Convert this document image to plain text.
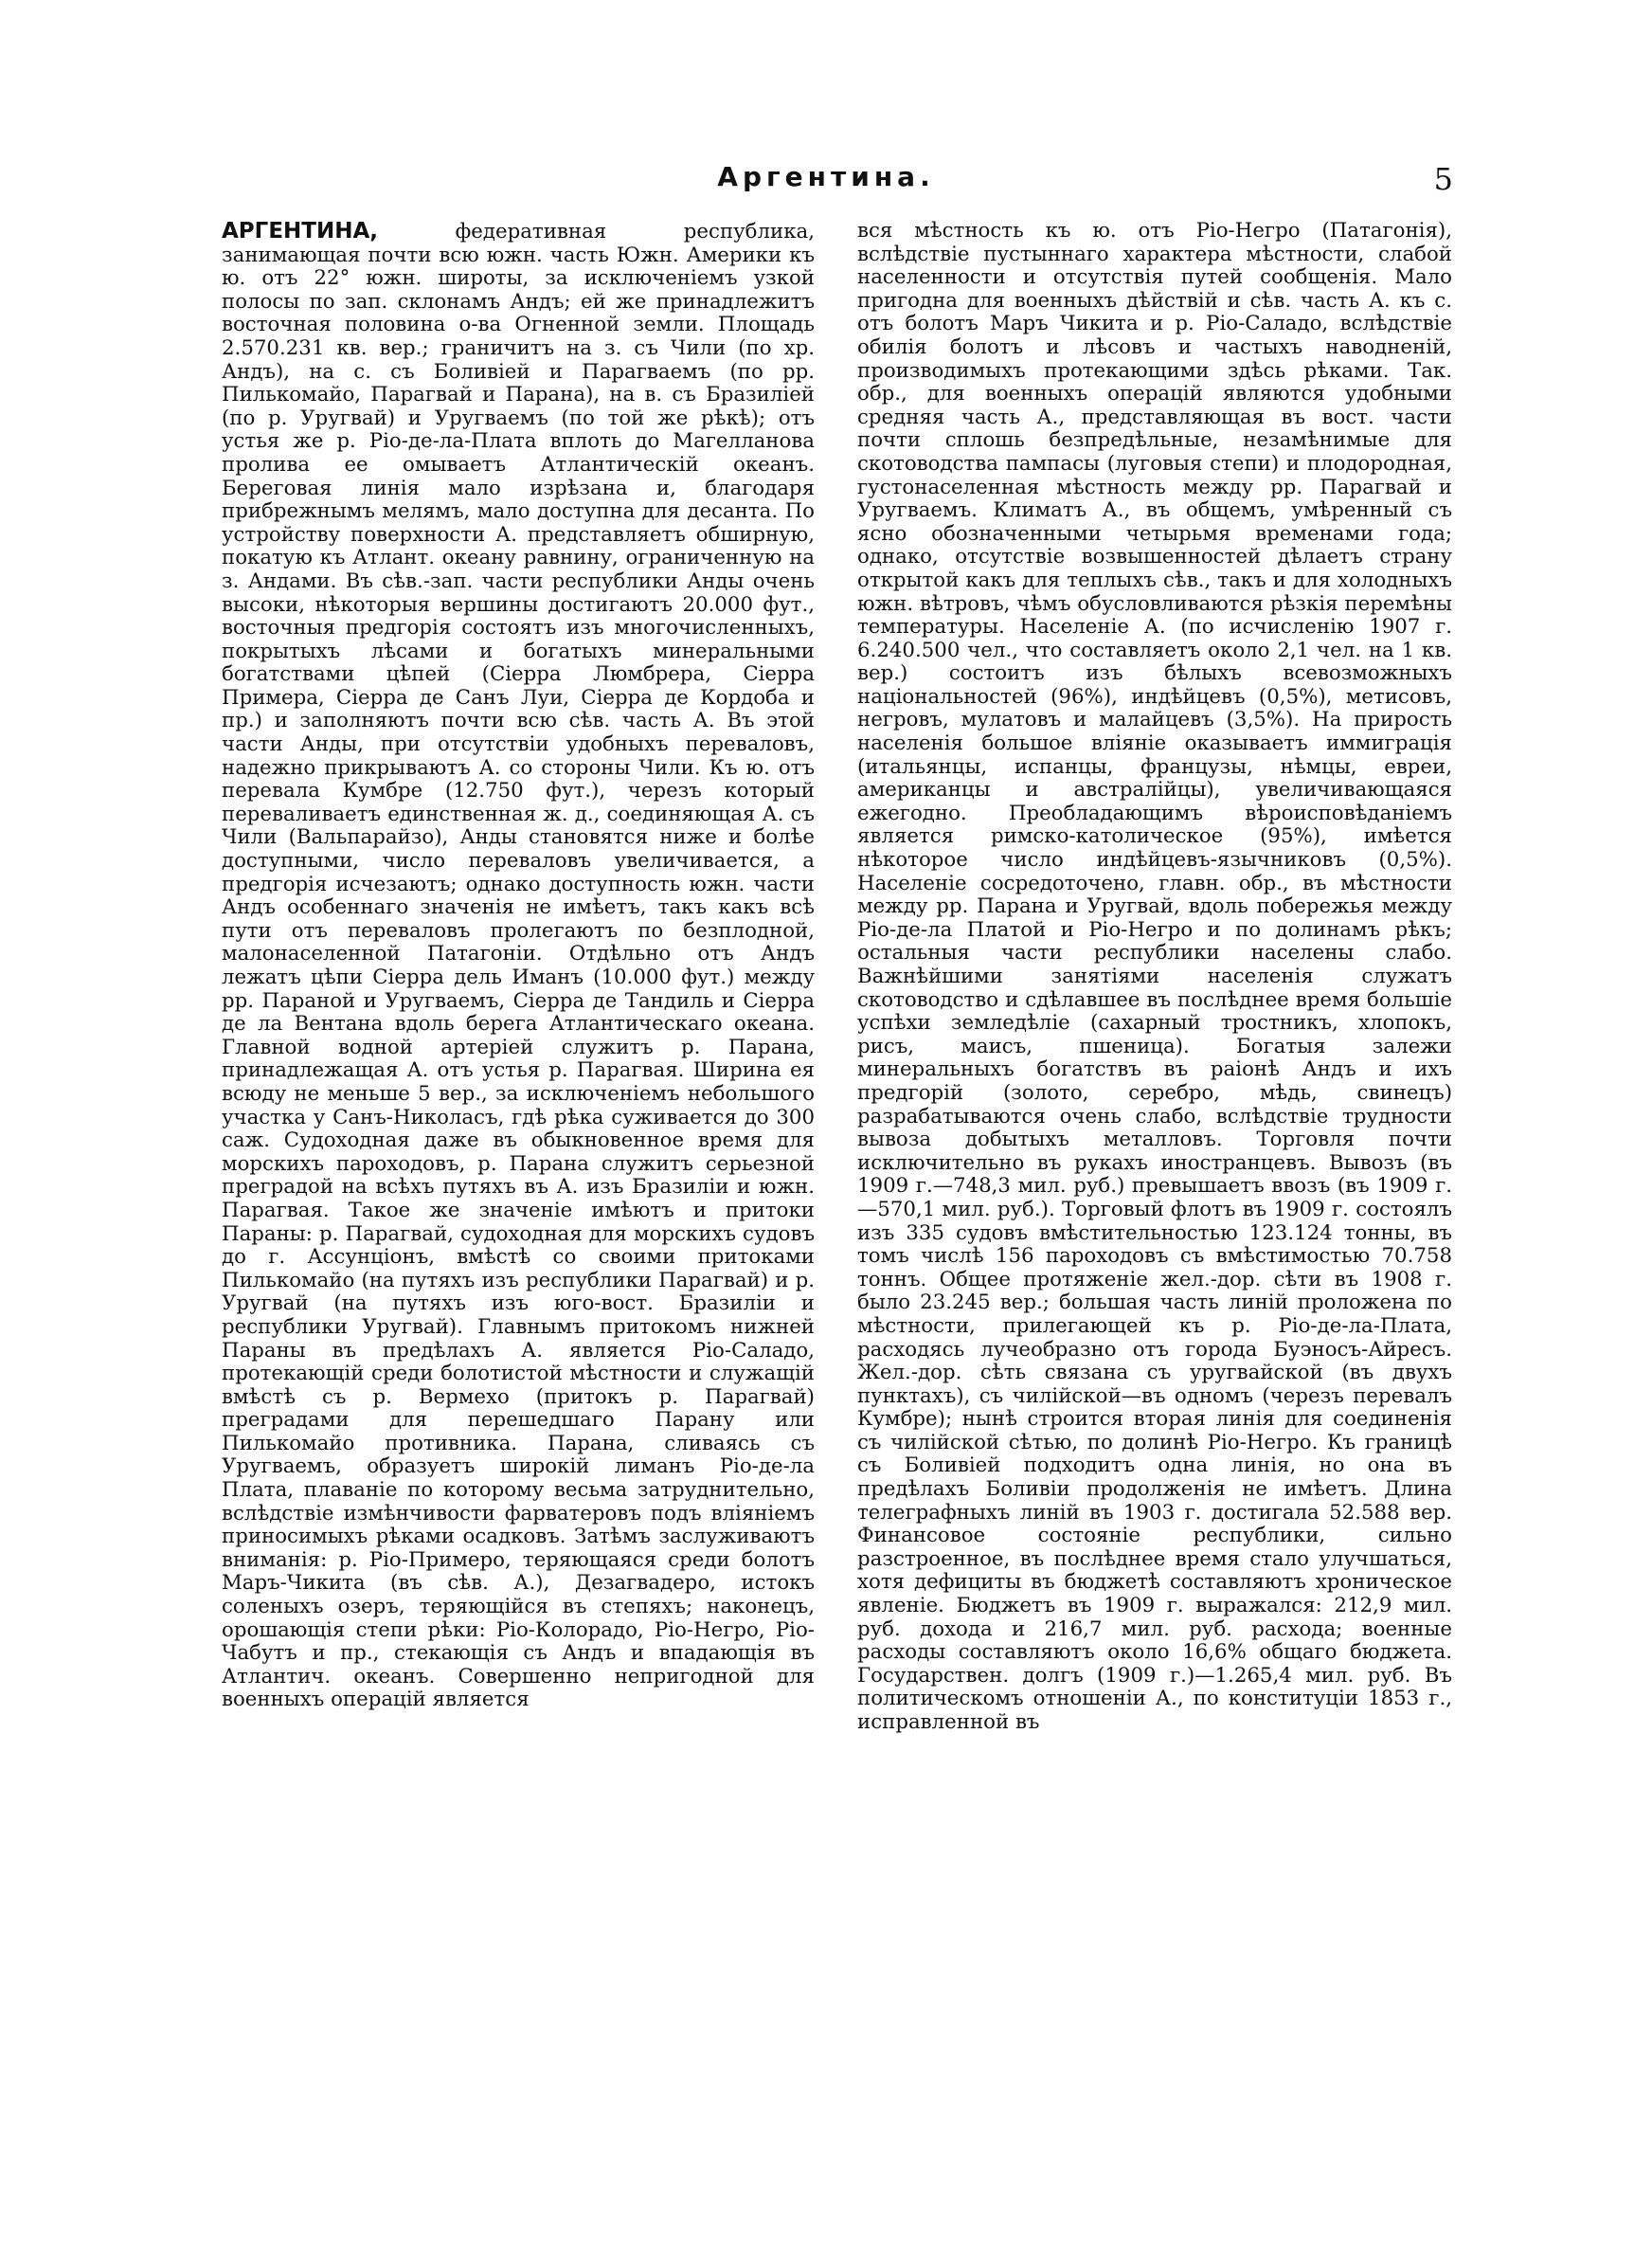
Аргентина.	5

АРГЕНТИНА,	федеративная республика, занимающая почти всю южн. часть Южн. Америки къ ю. отъ 22° южн. широты, за исключеніемъ узкой полосы по зап. склонамъ Андъ; ей же принадлежитъ восточная половина о-ва Огненной земли. Площадь 2.570.231 кв. вер.; граничитъ на з. съ Чили (по хр. Андъ), на с. съ Боливіей и Парагваемъ (по рр. Пилькомайо, Парагвай и Парана), на в. съ Бразиліей (по р. Уругвай) и Уругваемъ (по той же рѣкѣ); отъ устья же р. Ріо-де-ла-Плата вплоть до Магелланова пролива ее омываетъ Атлантическій океанъ. Береговая линія мало изрѣзана и, благодаря прибрежнымъ мелямъ, мало доступна для десанта. По устройству поверхности А. представляетъ обширную, покатую къ Атлант. океану равнину, ограниченную на з. Андами. Въ сѣв.-зап. части республики Анды очень высоки, нѣкоторыя вершины достигаютъ 20.000 фут., восточныя предгорія состоятъ изъ многочисленныхъ, покрытыхъ лѣсами и богатыхъ минеральными богатствами цѣпей (Сіерра Люмбрера, Сіерра Примера, Сіерра де Санъ Луи, Сіерра де Кордоба и пр.) и заполняютъ почти всю сѣв. часть А. Въ этой части Анды, при отсутствіи удобныхъ переваловъ, надежно прикрываютъ А. со стороны Чили. Къ ю. отъ перевала Кумбре (12.750 фут.), черезъ который переваливаетъ единственная ж. д., соединяющая А. съ Чили (Вальпарайзо), Анды становятся ниже и болѣе доступными, число переваловъ увеличивается, а предгорія исчезаютъ; однако доступность южн. части Андъ особеннаго значенія не имѣетъ, такъ какъ всѣ пути отъ переваловъ пролегаютъ по безплодной, малонаселенной Патагоніи. Отдѣльно отъ Андъ лежатъ цѣпи Сіерра дель Иманъ (10.000 фут.) между рр. Параной и Уругваемъ, Сіерра де Тандиль и Сіерра де ла Вентана вдоль берега Атлантическаго океана. Главной водной артеріей служитъ р. Парана, принадлежащая А. отъ устья р. Парагвая. Ширина ея всюду не меньше 5 вер., за исключеніемъ небольшого участка у Санъ-Николасъ, гдѣ рѣка суживается до 300 саж. Судоходная даже въ обыкновенное время для морскихъ пароходовъ, р. Парана служитъ серьезной преградой на всѣхъ путяхъ въ А. изъ Бразиліи и южн. Парагвая. Такое же значеніе имѣютъ и притоки Параны: р. Парагвай, судоходная для морскихъ судовъ до г. Ассунціонъ, вмѣстѣ со своими притоками Пилькомайо (на путяхъ изъ республики Парагвай) и р. Уругвай (на путяхъ изъ юго-вост. Бразиліи и республики Уругвай). Главнымъ притокомъ нижней Параны въ предѣлахъ А. является Ріо-Саладо, протекающій среди болотистой мѣстности и служащій вмѣстѣ съ р. Вермехо (притокъ р. Парагвай) преградами для перешедшаго Парану или Пилькомайо противника. Парана, сливаясь съ Уругваемъ, образуетъ широкій лиманъ Ріо-де-ла Плата, плаваніе по которому весьма затруднительно, вслѣдствіе измѣнчивости фарватеровъ подъ вліяніемъ приносимыхъ рѣками осадковъ. Затѣмъ заслуживаютъ вниманія: р. Ріо-Примеро, теряющаяся среди болотъ Маръ-Чикита (въ сѣв. А.), Дезагвадеро, истокъ соленыхъ озеръ, теряющійся въ степяхъ; наконецъ, орошающія степи рѣки: Ріо-Колорадо, Ріо-Негро, Ріо-Чабутъ и пр., стекающія съ Андъ и впадающія въ Атлантич. океанъ. Совершенно непригодной для военныхъ операцій является

вся мѣстность къ ю. отъ Ріо-Негро (Патагонія), вслѣдствіе пустыннаго характера мѣстности, слабой населенности и отсутствія путей сообщенія. Мало пригодна для военныхъ дѣйствій и сѣв. часть А. къ с. отъ болотъ Маръ Чикита и р. Ріо-Саладо, вслѣдствіе обилія болотъ и лѣсовъ и частыхъ наводненій, производимыхъ протекающими здѣсь рѣками. Так. обр., для военныхъ операцій являются удобными средняя часть А., представляющая въ вост. части почти сплошь безпредѣльные, незамѣнимые для скотоводства пампасы (луговыя степи) и плодородная, густонаселенная мѣстность между рр. Парагвай и Уругваемъ. Климатъ А., въ общемъ, умѣренный съ ясно обозначенными четырьмя временами года; однако, отсутствіе возвышенностей дѣлаетъ страну открытой какъ для теплыхъ сѣв., такъ и для холодныхъ южн. вѣтровъ, чѣмъ обусловливаются рѣзкія перемѣны температуры. Населеніе А. (по исчисленію 1907 г. 6.240.500 чел., что составляетъ около 2,1 чел. на 1 кв. вер.) состоитъ изъ бѣлыхъ всевозможныхъ національностей (96%), индѣйцевъ (0,5%), метисовъ, негровъ, мулатовъ и малайцевъ (3,5%). На прирость населенія большое вліяніе оказываетъ иммиграція (итальянцы, испанцы, французы, нѣмцы, евреи, американцы и австралійцы), увеличивающаяся ежегодно. Преобладающимъ вѣроисповѣданіемъ является римско-католическое (95%), имѣется нѣкоторое число индѣйцевъ-язычниковъ (0,5%). Населеніе сосредоточено, главн. обр., въ мѣстности между рр. Парана и Уругвай, вдоль побережья между Ріо-де-ла Платой и Ріо-Негро и по долинамъ рѣкъ; остальныя части республики населены слабо. Важнѣйшими занятіями населенія служатъ скотоводство и сдѣлавшее въ послѣднее время большіе успѣхи земледѣліе (сахарный тростникъ, хлопокъ, рисъ, маисъ, пшеница). Богатыя залежи минеральныхъ богатствъ въ раіонѣ Андъ и ихъ предгорій (золото, серебро, мѣдь, свинецъ) разрабатываются очень слабо, вслѣдствіе трудности вывоза добытыхъ металловъ. Торговля почти исключительно въ рукахъ иностранцевъ. Вывозъ (въ 1909 г.—748,3 мил. руб.) превышаетъ ввозъ (въ 1909 г.—570,1 мил. руб.). Торговый флотъ въ 1909 г. состоялъ изъ 335 судовъ вмѣстительностью 123.124 тонны, въ томъ числѣ 156 пароходовъ съ вмѣстимостью 70.758 тоннъ. Общее протяженіе жел.-дор. сѣти въ 1908 г. было 23.245 вер.; большая часть линій проложена по мѣстности, прилегающей къ р. Ріо-де-ла-Плата, расходясь лучеобразно отъ города Буэносъ-Айресъ. Жел.-дор. сѣть связана съ уругвайской (въ двухъ пунктахъ), съ чилійской—въ одномъ (черезъ перевалъ Кумбре); нынѣ строится вторая линія для соединенія съ чилійской сѣтью, по долинѣ Ріо-Негро. Къ границѣ съ Боливіей подходитъ одна линія, но она въ предѣлахъ Боливіи продолженія не имѣетъ. Длина телеграфныхъ линій въ 1903 г. достигала 52.588 вер. Финансовое состояніе республики, сильно разстроенное, въ послѣднее время стало улучшаться, хотя дефициты въ бюджетѣ составляютъ хроническое явленіе. Бюджетъ въ 1909 г. выражался: 212,9 мил. руб. дохода и 216,7 мил. руб. расхода; военные расходы составляютъ около 16,6% общаго бюджета. Государствен. долгъ (1909 г.)—1.265,4 мил. руб. Въ политическомъ отношеніи А., по конституціи 1853 г., исправленной въ
